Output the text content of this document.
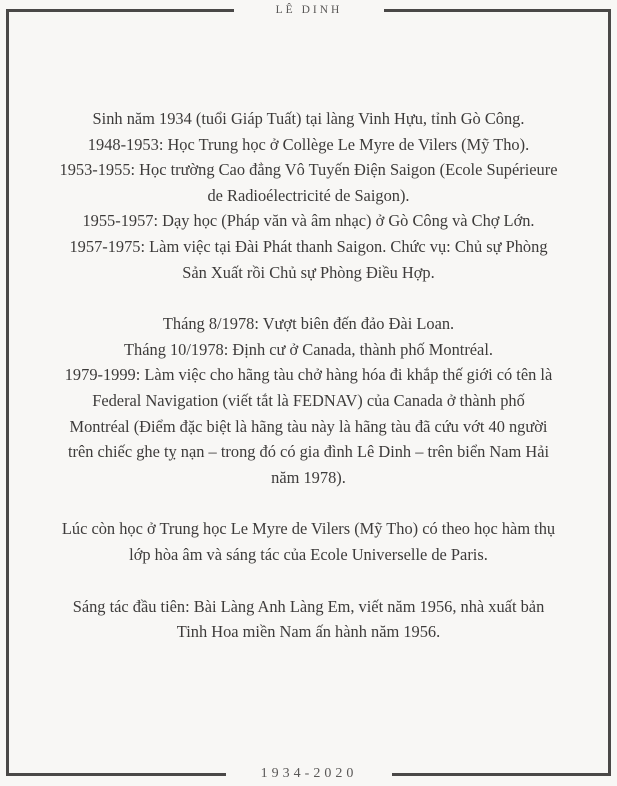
LÊ DINH

Sinh năm 1934 (tuổi Giáp Tuất) tại làng Vinh Hựu, tỉnh Gò Công.
1948-1953: Học Trung học ở Collège Le Myre de Vilers (Mỹ Tho).
1953-1955: Học trường Cao đẳng Vô Tuyến Điện Saigon (Ecole Supérieure
de Radioélectricité de Saigon).
1955-1957: Dạy học (Pháp văn và âm nhạc) ở Gò Công và Chợ Lớn.
1957-1975: Làm việc tại Đài Phát thanh Saigon. Chức vụ: Chủ sự Phòng
Sản Xuất rồi Chủ sự Phòng Điều Hợp.

Tháng 8/1978: Vượt biên đến đảo Đài Loan.
Tháng 10/1978: Định cư ở Canada, thành phố Montréal.
1979-1999: Làm việc cho hãng tàu chở hàng hóa đi khắp thế giới có tên là
Federal Navigation (viết tắt là FEDNAV) của Canada ở thành phố
Montréal (Điểm đặc biệt là hãng tàu này là hãng tàu đã cứu vớt 40 người
trên chiếc ghe tỵ nạn – trong đó có gia đình Lê Dinh – trên biển Nam Hải
năm 1978).

Lúc còn học ở Trung học Le Myre de Vilers (Mỹ Tho) có theo học hàm thụ
lớp hòa âm và sáng tác của Ecole Universelle de Paris.

Sáng tác đầu tiên: Bài Làng Anh Làng Em, viết năm 1956, nhà xuất bản
Tinh Hoa miền Nam ấn hành năm 1956.

1934-2020
